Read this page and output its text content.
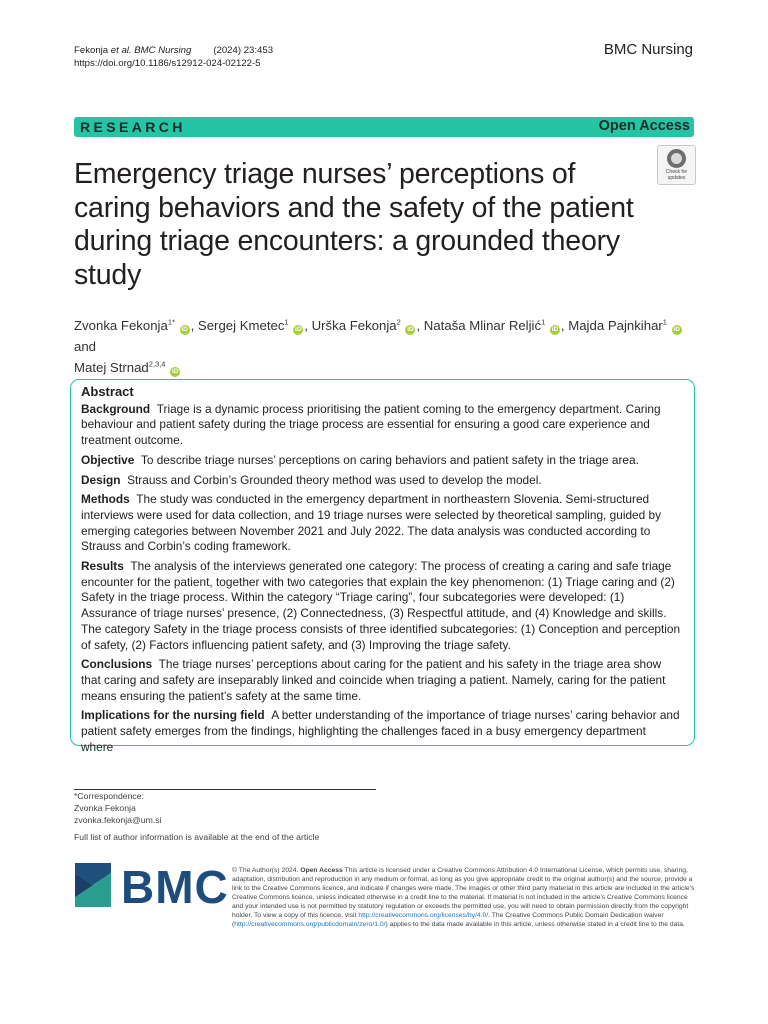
Fekonja et al. BMC Nursing (2024) 23:453
https://doi.org/10.1186/s12912-024-02122-5
BMC Nursing
RESEARCH	Open Access
Check for
updates
Emergency triage nurses’ perceptions of caring behaviors and the safety of the patient during triage encounters: a grounded theory study
Zvonka Fekonja$^{1*}$ iD , Sergej Kmetec$^1$ iD , Urška Fekonja$^2$ iD , Nataša Mlinar Reljić$^1$ iD , Majda Pajnkihar$^1$ iD and
Matej Strnad$^{2,3,4}$ iD
Abstract

Background Triage is a dynamic process prioritising the patient coming to the emergency department. Caring behaviour and patient safety during the triage process are essential for ensuring a good care experience and treatment outcome.

Objective To describe triage nurses’ perceptions on caring behaviors and patient safety in the triage area.

Design Strauss and Corbin’s Grounded theory method was used to develop the model.

Methods The study was conducted in the emergency department in northeastern Slovenia. Semi-structured interviews were used for data collection, and 19 triage nurses were selected by theoretical sampling, guided by emerging categories between November 2021 and July 2022. The data analysis was conducted according to Strauss and Corbin’s coding framework.

Results The analysis of the interviews generated one category: The process of creating a caring and safe triage encounter for the patient, together with two categories that explain the key phenomenon: (1) Triage caring and (2) Safety in the triage process. Within the category “Triage caring”, four subcategories were developed: (1) Assurance of triage nurses’ presence, (2) Connectedness, (3) Respectful attitude, and (4) Knowledge and skills. The category Safety in the triage process consists of three identified subcategories: (1) Conception and perception of safety, (2) Factors influencing patient safety, and (3) Improving the triage safety.

Conclusions The triage nurses’ perceptions about caring for the patient and his safety in the triage area show that caring and safety are inseparably linked and coincide when triaging a patient. Namely, caring for the patient means ensuring the patient’s safety at the same time.

Implications for the nursing field A better understanding of the importance of triage nurses’ caring behavior and patient safety emerges from the findings, highlighting the challenges faced in a busy emergency department where

*Correspondence:
Zvonka Fekonja
zvonka.fekonja@um.si
Full list of author information is available at the end of the article
BMC © The Author(s) 2024. Open Access This article is licensed under a Creative Commons Attribution 4.0 International License, which permits use, sharing, adaptation, distribution and reproduction in any medium or format, as long as you give appropriate credit to the original author(s) and the source, provide a link to the Creative Commons licence, and indicate if changes were made. The images or other third party material in this article are included in the article’s Creative Commons licence, unless indicated otherwise in a credit line to the material. If material is not included in the article’s Creative Commons licence and your intended use is not permitted by statutory regulation or exceeds the permitted use, you will need to obtain permission directly from the copyright holder. To view a copy of this licence, visit http://creativecommons.org/licenses/by/4.0/. The Creative Commons Public Domain Dedication waiver (http://creativecommons.org/publicdomain/zero/1.0/) applies to the data made available in this article, unless otherwise stated in a credit line to the data.
